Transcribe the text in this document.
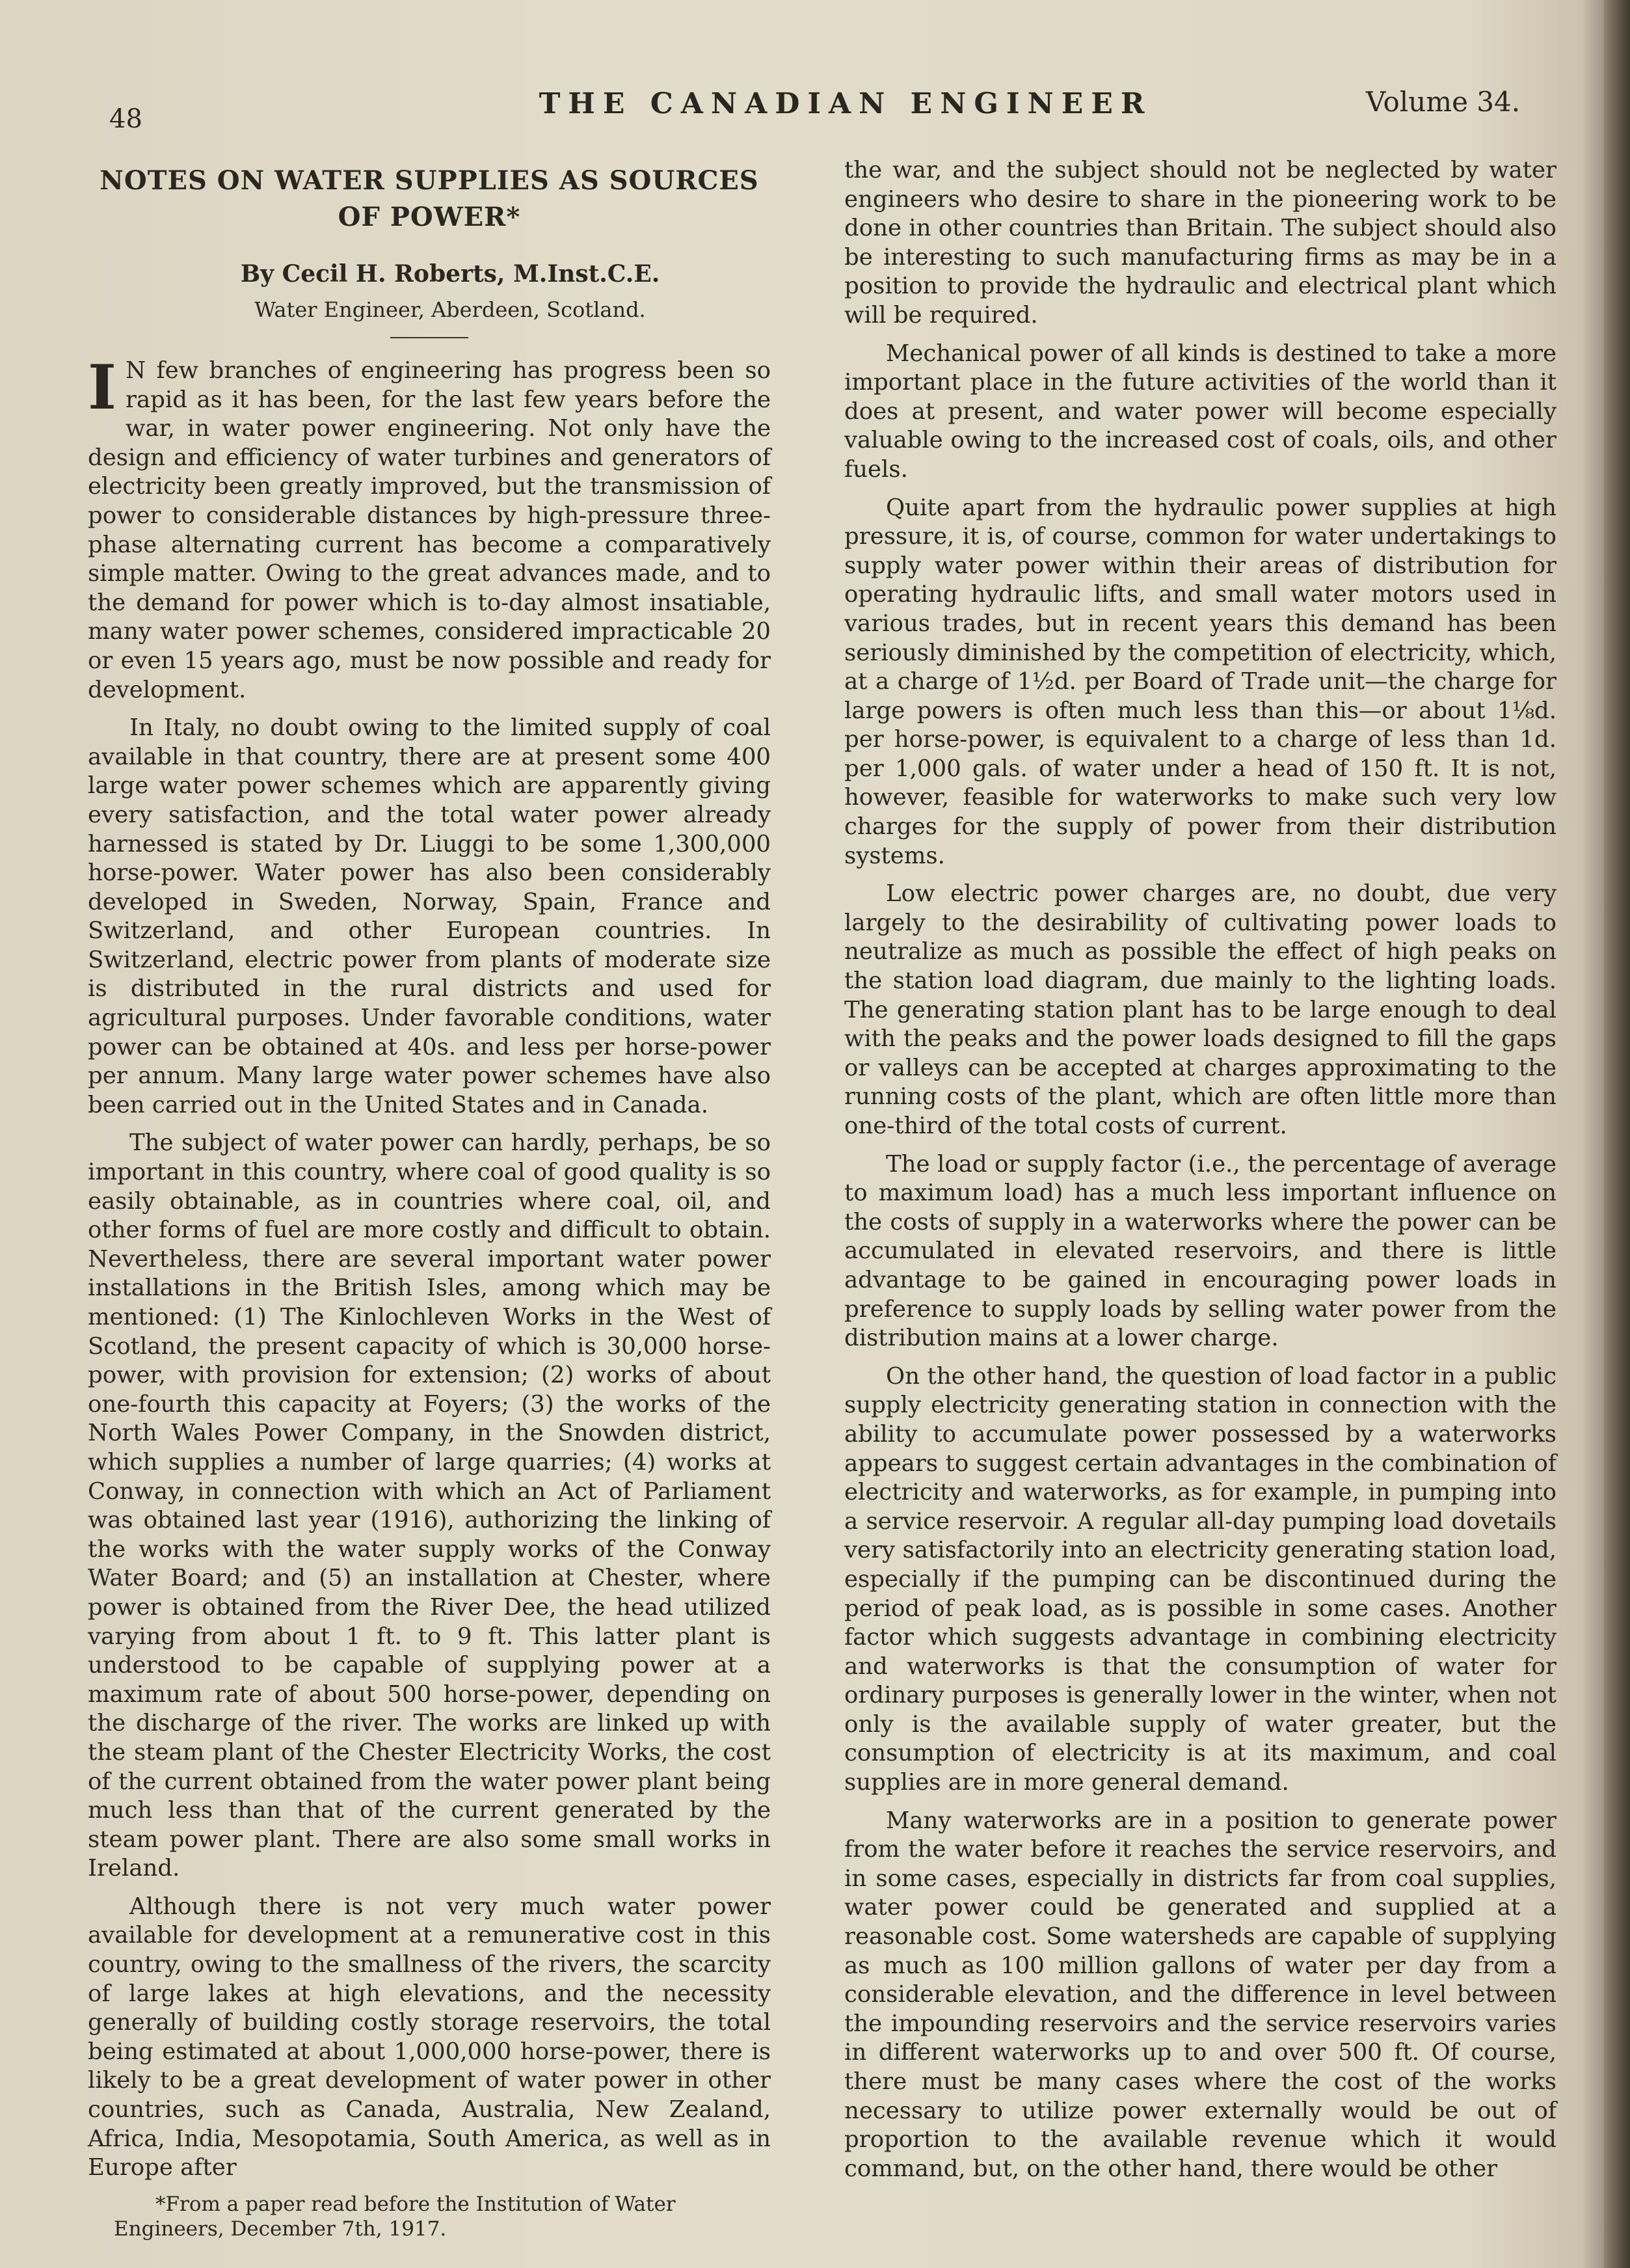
48	THE CANADIAN ENGINEER	Volume 34.
NOTES ON WATER SUPPLIES AS SOURCES OF POWER*

By Cecil H. Roberts, M.Inst.C.E.

Water Engineer, Aberdeen, Scotland.

I N few branches of engineering has progress been so rapid as it has been, for the last few years before the war, in water power engineering. Not only have the design and efficiency of water turbines and generators of electricity been greatly improved, but the transmission of power to considerable distances by high-pressure three-phase alternating current has become a comparatively simple matter. Owing to the great advances made, and to the demand for power which is to-day almost insatiable, many water power schemes, considered impracticable 20 or even 15 years ago, must be now possible and ready for development.

In Italy, no doubt owing to the limited supply of coal available in that country, there are at present some 400 large water power schemes which are apparently giving every satisfaction, and the total water power already harnessed is stated by Dr. Liuggi to be some 1,300,000 horse-power. Water power has also been considerably developed in Sweden, Norway, Spain, France and Switzerland, and other European countries. In Switzerland, electric power from plants of moderate size is distributed in the rural districts and used for agricultural purposes. Under favorable conditions, water power can be obtained at 40s. and less per horse-power per annum. Many large water power schemes have also been carried out in the United States and in Canada.

The subject of water power can hardly, perhaps, be so important in this country, where coal of good quality is so easily obtainable, as in countries where coal, oil, and other forms of fuel are more costly and difficult to obtain. Nevertheless, there are several important water power installations in the British Isles, among which may be mentioned: (1) The Kinlochleven Works in the West of Scotland, the present capacity of which is 30,000 horse-power, with provision for extension; (2) works of about one-fourth this capacity at Foyers; (3) the works of the North Wales Power Company, in the Snowden district, which supplies a number of large quarries; (4) works at Conway, in connection with which an Act of Parliament was obtained last year (1916), authorizing the linking of the works with the water supply works of the Conway Water Board; and (5) an installation at Chester, where power is obtained from the River Dee, the head utilized varying from about 1 ft. to 9 ft. This latter plant is understood to be capable of supplying power at a maximum rate of about 500 horse-power, depending on the discharge of the river. The works are linked up with the steam plant of the Chester Electricity Works, the cost of the current obtained from the water power plant being much less than that of the current generated by the steam power plant. There are also some small works in Ireland.

Although there is not very much water power available for development at a remunerative cost in this country, owing to the smallness of the rivers, the scarcity of large lakes at high elevations, and the necessity generally of building costly storage reservoirs, the total being estimated at about 1,000,000 horse-power, there is likely to be a great development of water power in other countries, such as Canada, Australia, New Zealand, Africa, India, Mesopotamia, South America, as well as in Europe after

*From a paper read before the Institution of Water Engineers, December 7th, 1917.

the war, and the subject should not be neglected by water engineers who desire to share in the pioneering work to be done in other countries than Britain. The subject should also be interesting to such manufacturing firms as may be in a position to provide the hydraulic and electrical plant which will be required.

Mechanical power of all kinds is destined to take a more important place in the future activities of the world than it does at present, and water power will become especially valuable owing to the increased cost of coals, oils, and other fuels.

Quite apart from the hydraulic power supplies at high pressure, it is, of course, common for water undertakings to supply water power within their areas of distribution for operating hydraulic lifts, and small water motors used in various trades, but in recent years this demand has been seriously diminished by the competition of electricity, which, at a charge of 1½d. per Board of Trade unit—the charge for large powers is often much less than this—or about 1⅛d. per horse-power, is equivalent to a charge of less than 1d. per 1,000 gals. of water under a head of 150 ft. It is not, however, feasible for waterworks to make such very low charges for the supply of power from their distribution systems.

Low electric power charges are, no doubt, due very largely to the desirability of cultivating power loads to neutralize as much as possible the effect of high peaks on the station load diagram, due mainly to the lighting loads. The generating station plant has to be large enough to deal with the peaks and the power loads designed to fill the gaps or valleys can be accepted at charges approximating to the running costs of the plant, which are often little more than one-third of the total costs of current.

The load or supply factor (i.e., the percentage of average to maximum load) has a much less important influence on the costs of supply in a waterworks where the power can be accumulated in elevated reservoirs, and there is little advantage to be gained in encouraging power loads in preference to supply loads by selling water power from the distribution mains at a lower charge.

On the other hand, the question of load factor in a public supply electricity generating station in connection with the ability to accumulate power possessed by a waterworks appears to suggest certain advantages in the combination of electricity and waterworks, as for example, in pumping into a service reservoir. A regular all-day pumping load dovetails very satisfactorily into an electricity generating station load, especially if the pumping can be discontinued during the period of peak load, as is possible in some cases. Another factor which suggests advantage in combining electricity and waterworks is that the consumption of water for ordinary purposes is generally lower in the winter, when not only is the available supply of water greater, but the consumption of electricity is at its maximum, and coal supplies are in more general demand.

Many waterworks are in a position to generate power from the water before it reaches the service reservoirs, and in some cases, especially in districts far from coal supplies, water power could be generated and supplied at a reasonable cost. Some watersheds are capable of supplying as much as 100 million gallons of water per day from a considerable elevation, and the difference in level between the impounding reservoirs and the service reservoirs varies in different waterworks up to and over 500 ft. Of course, there must be many cases where the cost of the works necessary to utilize power externally would be out of proportion to the available revenue which it would command, but, on the other hand, there would be other
